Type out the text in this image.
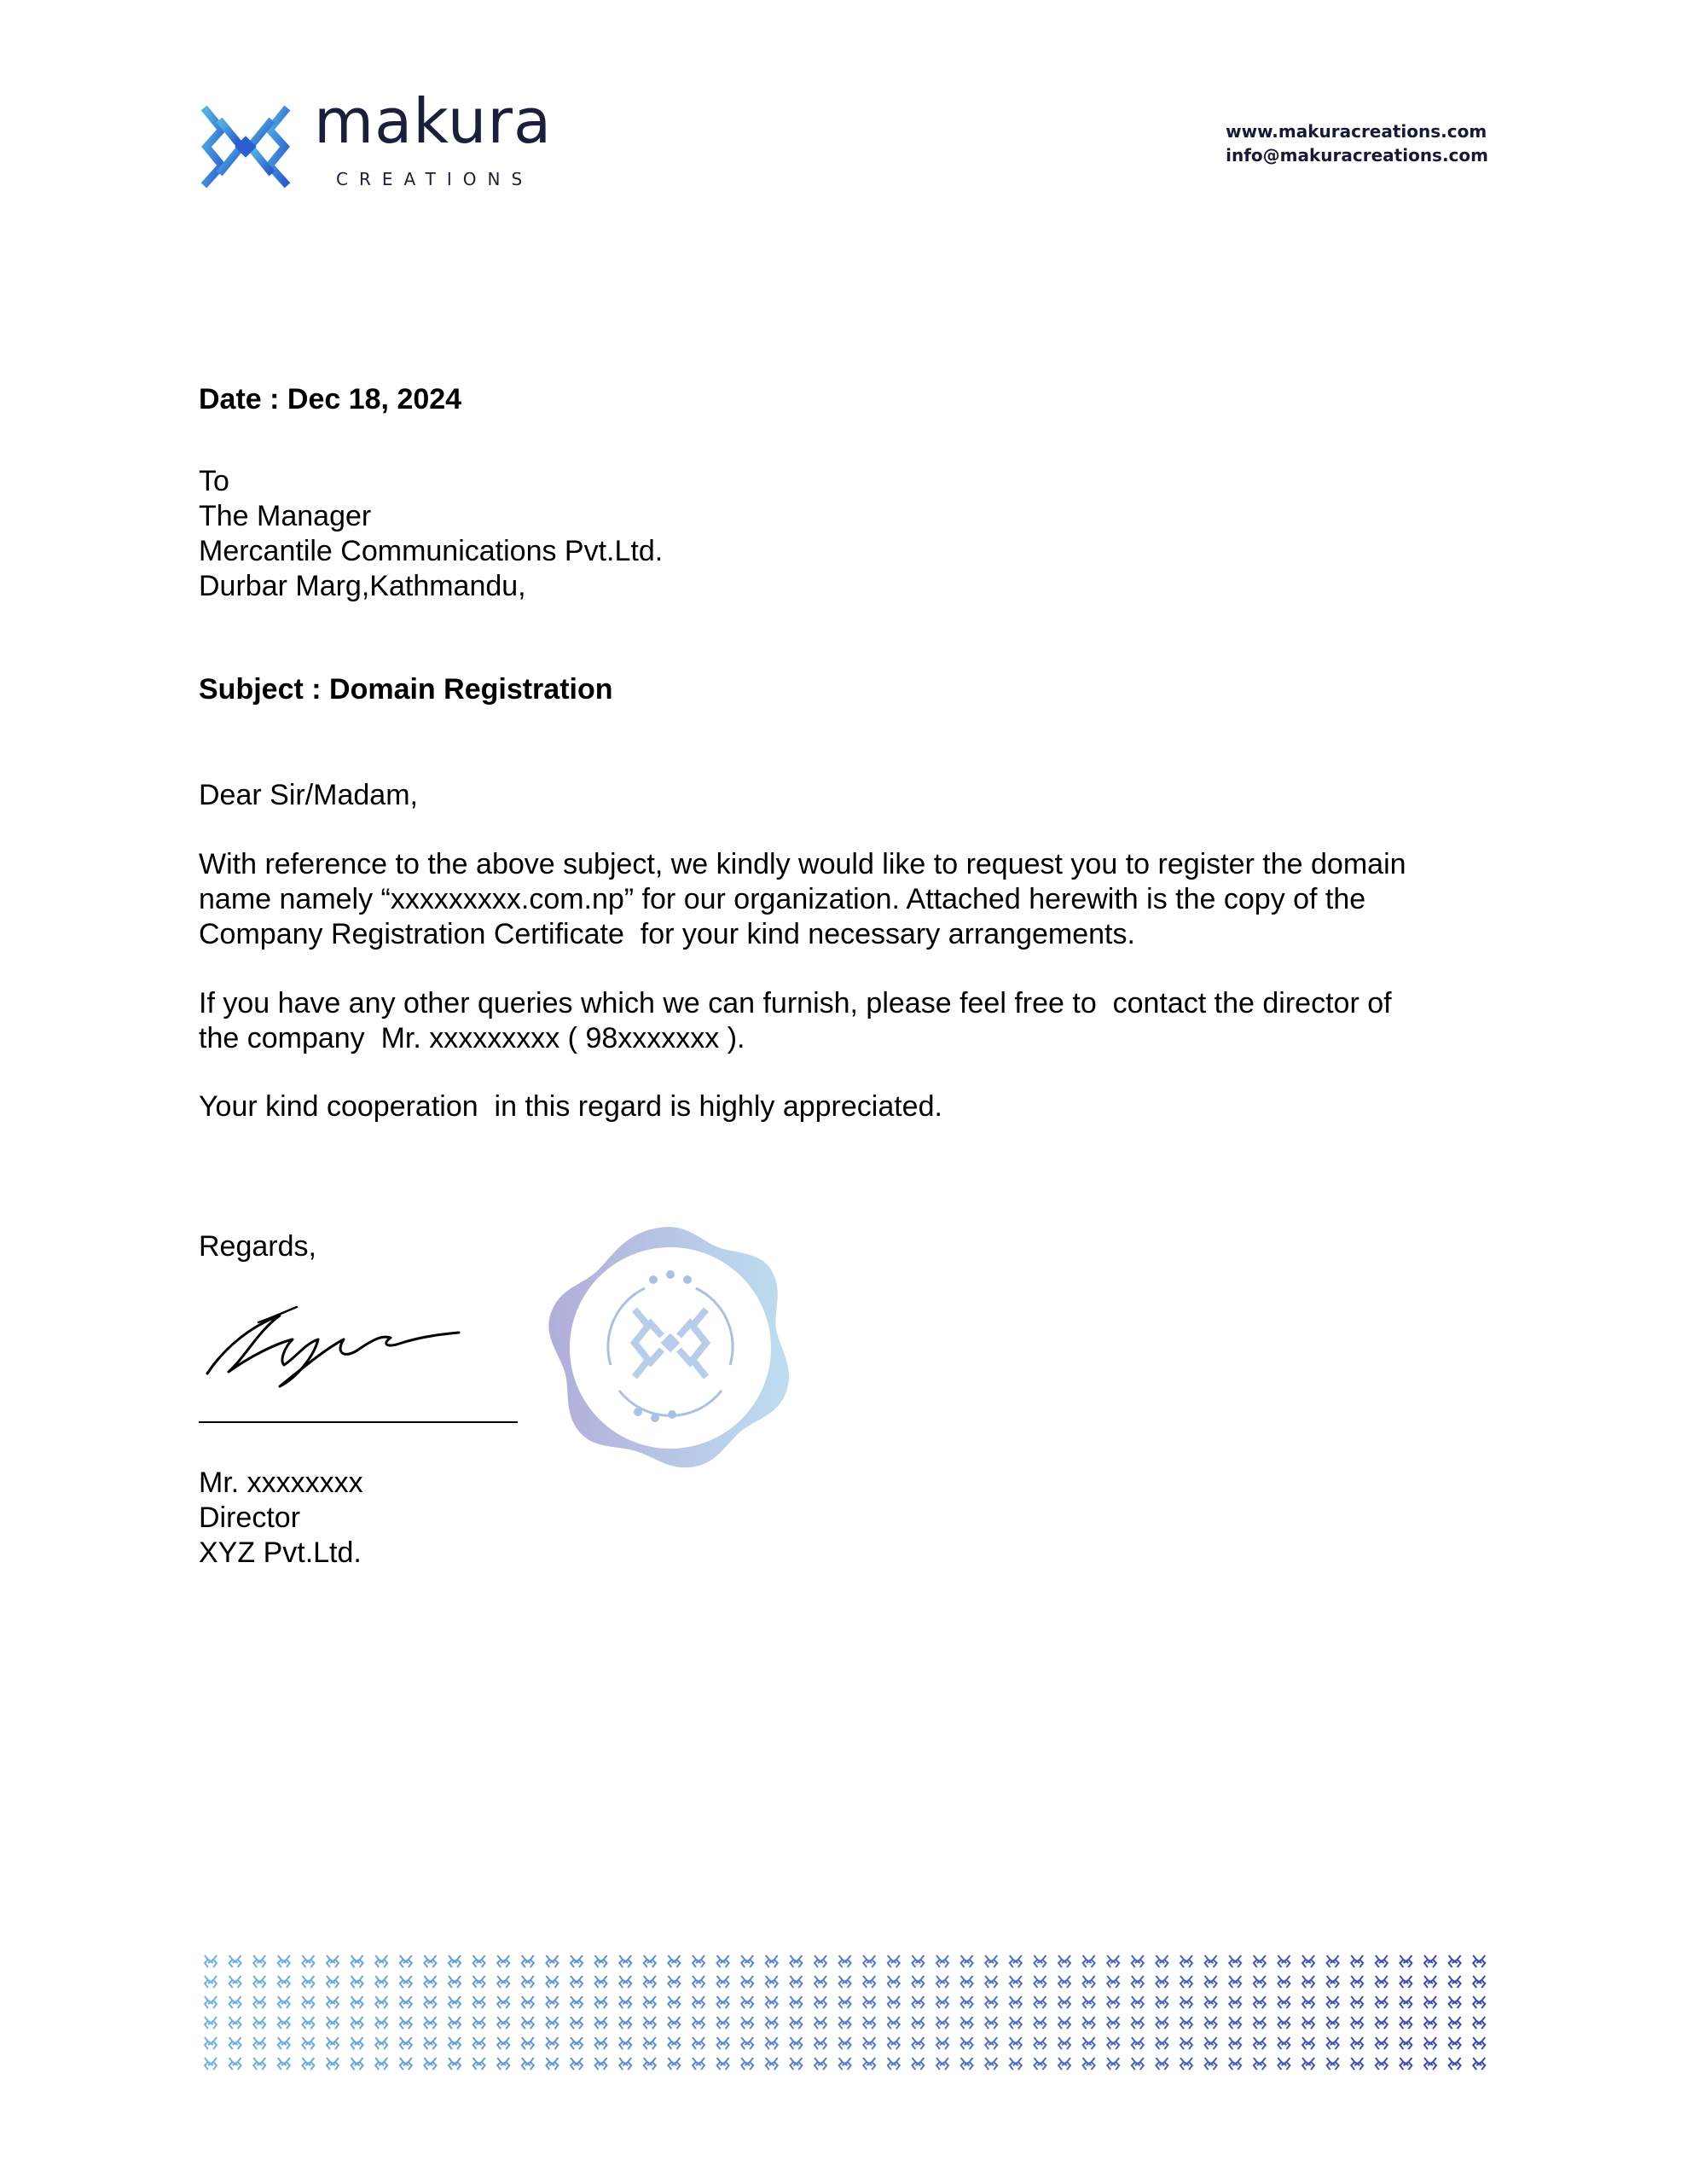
makura
CREATIONS
www.makuracreations.com
info@makuracreations.com

Date : Dec 18, 2024

To
The Manager
Mercantile Communications Pvt.Ltd.
Durbar Marg,Kathmandu,

Subject : Domain Registration

Dear Sir/Madam,

With reference to the above subject, we kindly would like to request you to register the domain
name namely “xxxxxxxxx.com.np” for our organization. Attached herewith is the copy of the
Company Registration Certificate  for your kind necessary arrangements.

If you have any other queries which we can furnish, please feel free to  contact the director of
the company  Mr. xxxxxxxxx ( 98xxxxxxx ).

Your kind cooperation  in this regard is highly appreciated.

Regards,

Mr. xxxxxxxx
Director
XYZ Pvt.Ltd.
